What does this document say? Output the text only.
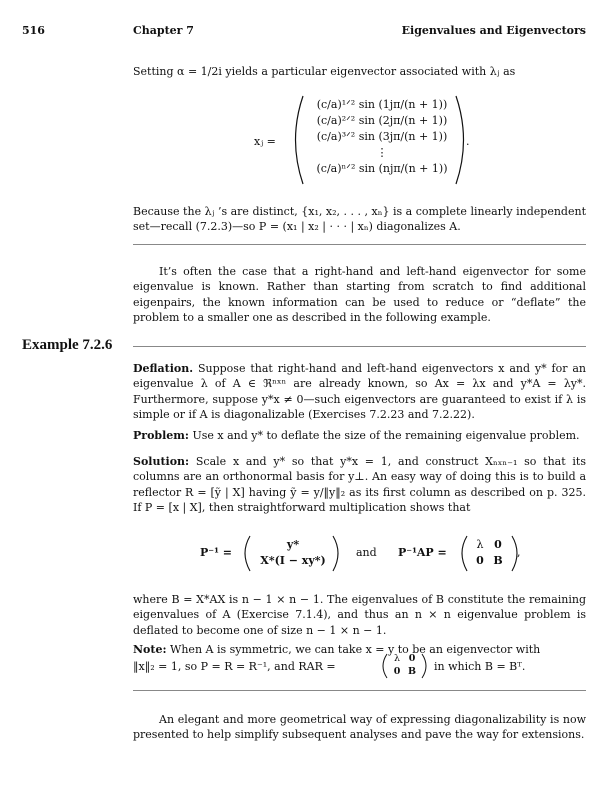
516	Chapter 7	Eigenvalues and Eigenvectors
Setting α = 1/2i yields a particular eigenvector associated with λⱼ as
xⱼ =
(c/a)¹ᐟ² sin (1jπ/(n + 1))
(c/a)²ᐟ² sin (2jπ/(n + 1))
(c/a)³ᐟ² sin (3jπ/(n + 1))
⋮
(c/a)ⁿᐟ² sin (njπ/(n + 1))
.
Because the λⱼ ’s are distinct, {x₁, x₂, . . . , xₙ} is a complete linearly independent set—recall (7.2.3)—so P = (x₁ | x₂ | · · · | xₙ) diagonalizes A.
It’s often the case that a right-hand and left-hand eigenvector for some eigenvalue is known. Rather than starting from scratch to find additional eigenpairs, the known information can be used to reduce or “deflate” the problem to a smaller one as described in the following example.
Example 7.2.6
Deflation. Suppose that right-hand and left-hand eigenvectors x and y* for an eigenvalue λ of A ∈ ℜⁿˣⁿ are already known, so Ax = λx and y*A = λy*. Furthermore, suppose y*x ≠ 0—such eigenvectors are guaranteed to exist if λ is simple or if A is diagonalizable (Exercises 7.2.23 and 7.2.22).
Problem: Use x and y* to deflate the size of the remaining eigenvalue problem.
Solution: Scale x and y* so that y*x = 1, and construct Xₙₓₙ₋₁ so that its columns are an orthonormal basis for y⊥. An easy way of doing this is to build a reflector R = [ỹ | X] having ỹ = y/‖y‖₂ as its first column as described on p. 325. If P = [x | X], then straightforward multiplication shows that
P⁻¹ =
y*
X*(I − xy*)
and P⁻¹AP =
λ 0
0 B
,
where B = X*AX is n − 1 × n − 1. The eigenvalues of B constitute the remaining eigenvalues of A (Exercise 7.1.4), and thus an n × n eigenvalue problem is deflated to become one of size n − 1 × n − 1.
Note: When A is symmetric, we can take x = y to be an eigenvector with
‖x‖₂ = 1, so P = R = R⁻¹, and RAR =
λ 0
0 B in which B = Bᵀ.
An elegant and more geometrical way of expressing diagonalizability is now presented to help simplify subsequent analyses and pave the way for extensions.
